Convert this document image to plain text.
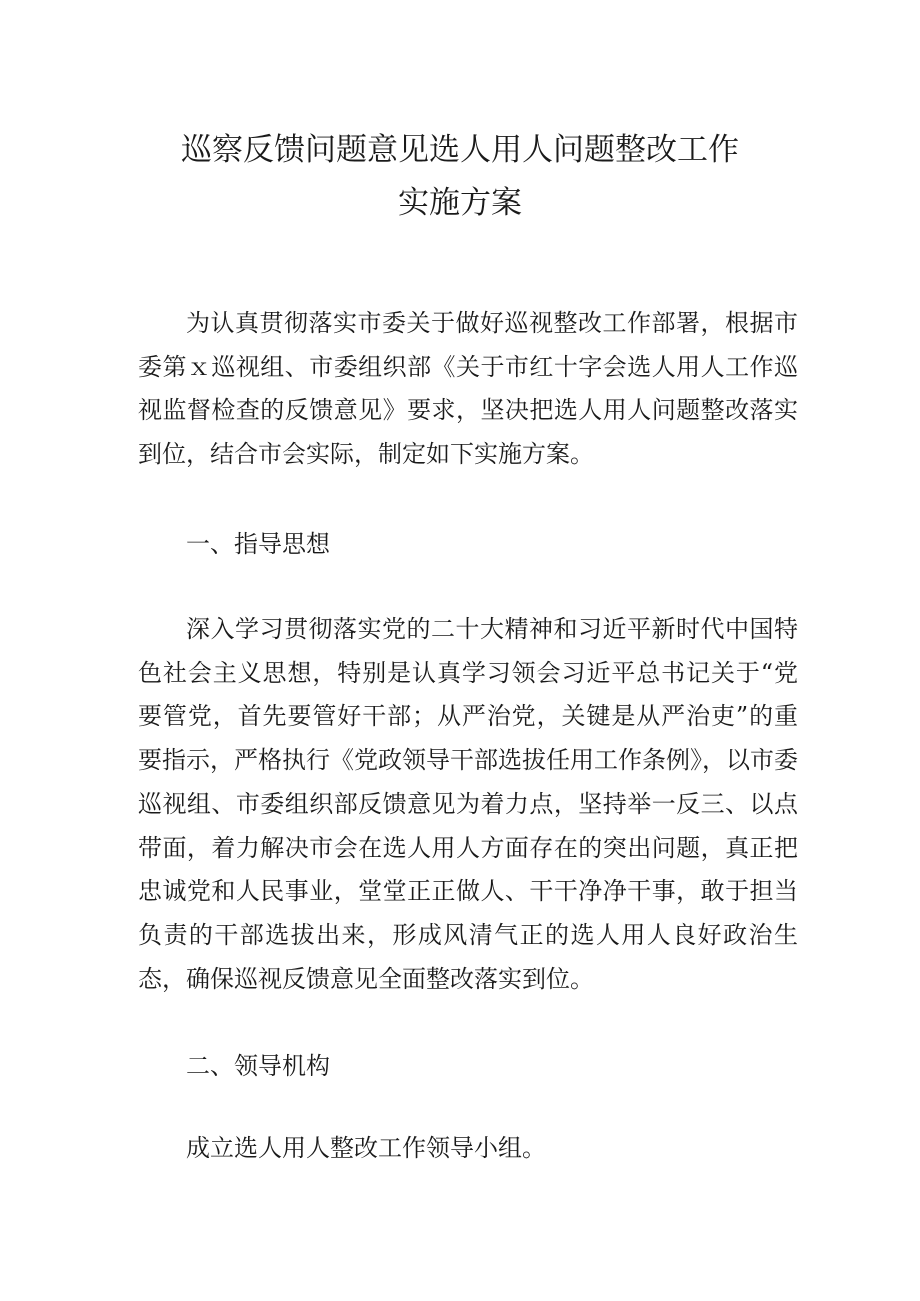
巡察反馈问题意见选人用人问题整改工作
实施方案

为认真贯彻落实市委关于做好巡视整改工作部署，根据市委第ｘ巡视组、市委组织部《关于市红十字会选人用人工作巡视监督检查的反馈意见》要求，坚决把选人用人问题整改落实到位，结合市会实际，制定如下实施方案。

一、指导思想

深入学习贯彻落实党的二十大精神和习近平新时代中国特色社会主义思想，特别是认真学习领会习近平总书记关于“党要管党，首先要管好干部；从严治党，关键是从严治吏”的重要指示，严格执行《党政领导干部选拔任用工作条例》，以市委巡视组、市委组织部反馈意见为着力点，坚持举一反三、以点带面，着力解决市会在选人用人方面存在的突出问题，真正把忠诚党和人民事业，堂堂正正做人、干干净净干事，敢于担当负责的干部选拔出来，形成风清气正的选人用人良好政治生态，确保巡视反馈意见全面整改落实到位。

二、领导机构

成立选人用人整改工作领导小组。
